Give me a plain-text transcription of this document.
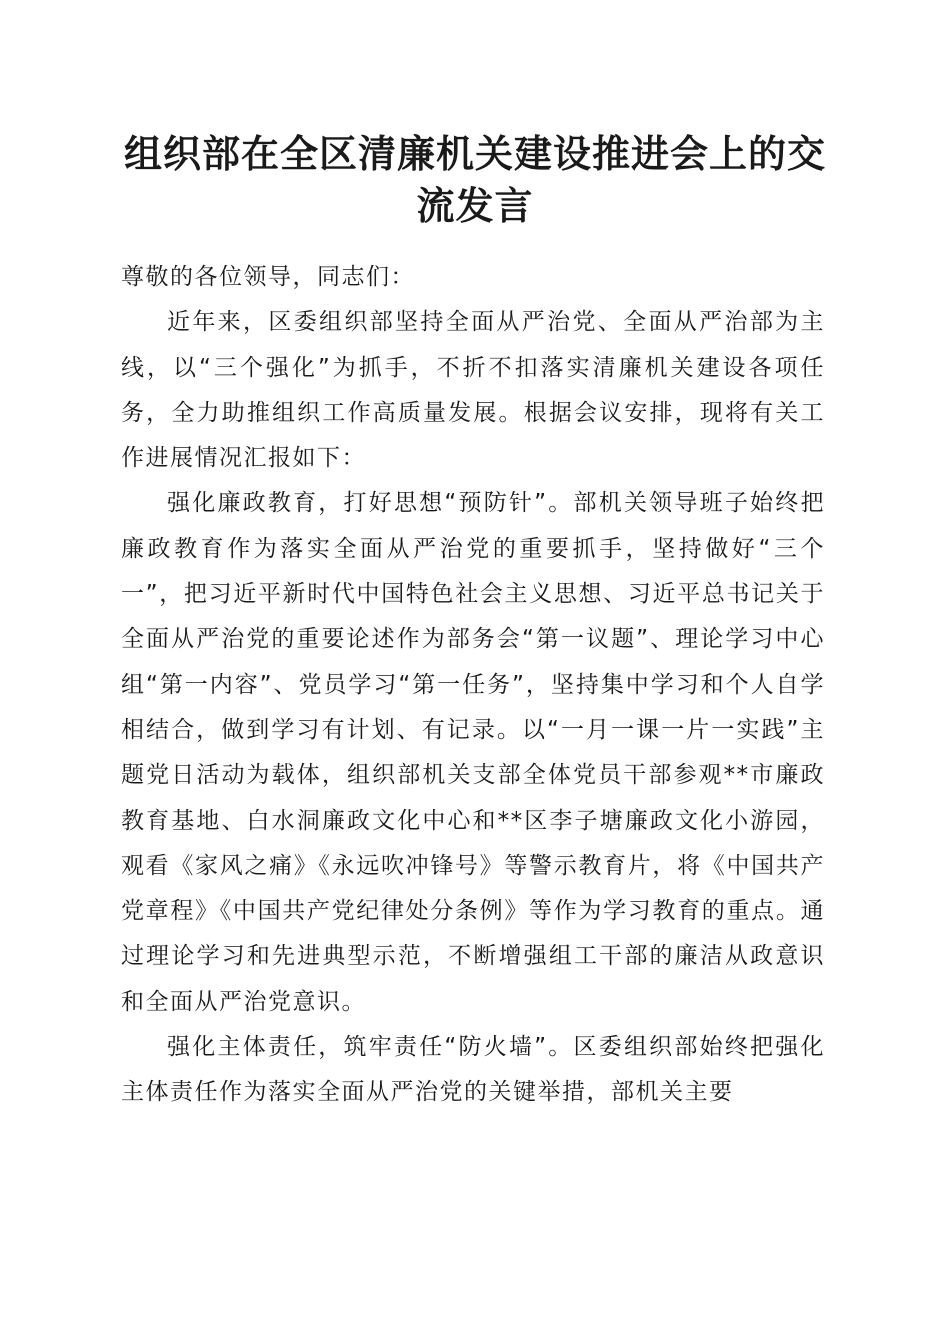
组织部在全区清廉机关建设推进会上的交流发言

尊敬的各位领导，同志们：

近年来，区委组织部坚持全面从严治党、全面从严治部为主线，以“三个强化”为抓手，不折不扣落实清廉机关建设各项任务，全力助推组织工作高质量发展。根据会议安排，现将有关工作进展情况汇报如下：

强化廉政教育，打好思想“预防针”。部机关领导班子始终把廉政教育作为落实全面从严治党的重要抓手，坚持做好“三个一”，把习近平新时代中国特色社会主义思想、习近平总书记关于全面从严治党的重要论述作为部务会“第一议题”、理论学习中心组“第一内容”、党员学习“第一任务”，坚持集中学习和个人自学相结合，做到学习有计划、有记录。以“一月一课一片一实践”主题党日活动为载体，组织部机关支部全体党员干部参观**市廉政教育基地、白水洞廉政文化中心和**区李子塘廉政文化小游园，观看《家风之痛》《永远吹冲锋号》等警示教育片，将《中国共产党章程》《中国共产党纪律处分条例》等作为学习教育的重点。通过理论学习和先进典型示范，不断增强组工干部的廉洁从政意识和全面从严治党意识。

强化主体责任，筑牢责任“防火墙”。区委组织部始终把强化主体责任作为落实全面从严治党的关键举措，部机关主要
